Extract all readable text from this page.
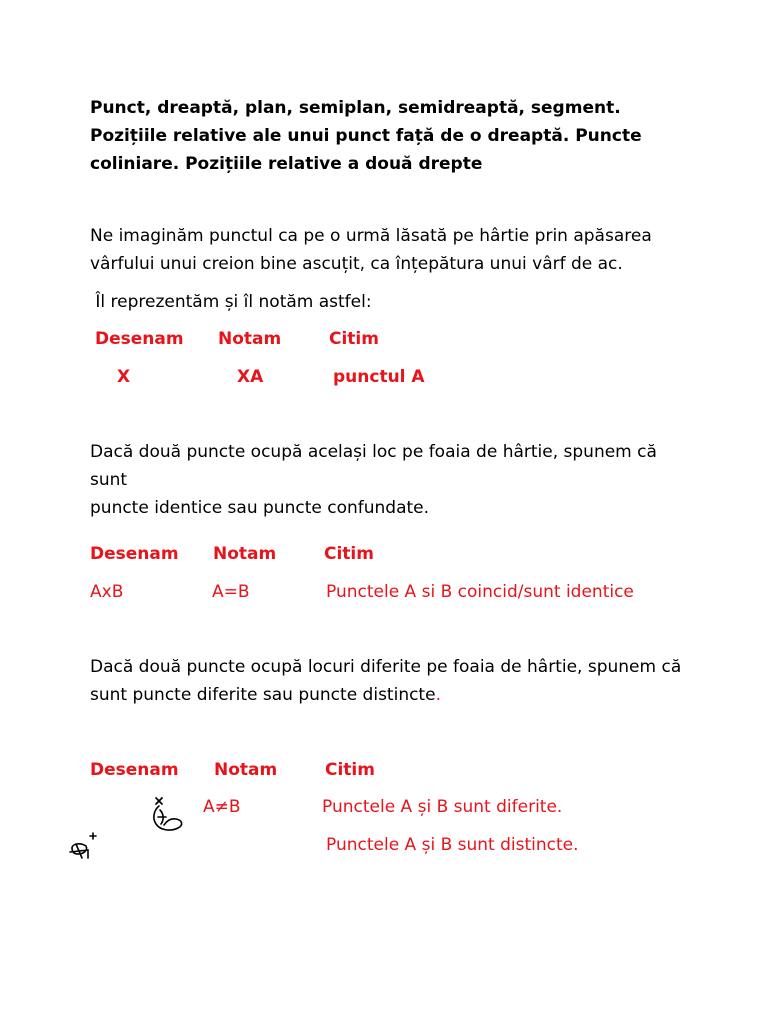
Punct, dreaptă, plan, semiplan, semidreaptă, segment. Pozițiile relative ale unui punct față de o dreaptă. Puncte coliniare. Pozițiile relative a două drepte
Ne imaginăm punctul ca pe o urmă lăsată pe hârtie prin apăsarea
vârfului unui creion bine ascuțit, ca înțepătura unui vârf de ac.
Îl reprezentăm și îl notăm astfel:
Desenam Notam	Citim
X	XA	punctul A
Dacă două puncte ocupă același loc pe foaia de hârtie, spunem că sunt
puncte identice sau puncte confundate.
Desenam Notam	Citim
AxB	A=B	Punctele A si B coincid/sunt identice
Dacă două puncte ocupă locuri diferite pe foaia de hârtie, spunem că
sunt puncte diferite sau puncte distincte.
Desenam Notam	Citim
A≠B	Punctele A și B sunt diferite.
Punctele A și B sunt distincte.
